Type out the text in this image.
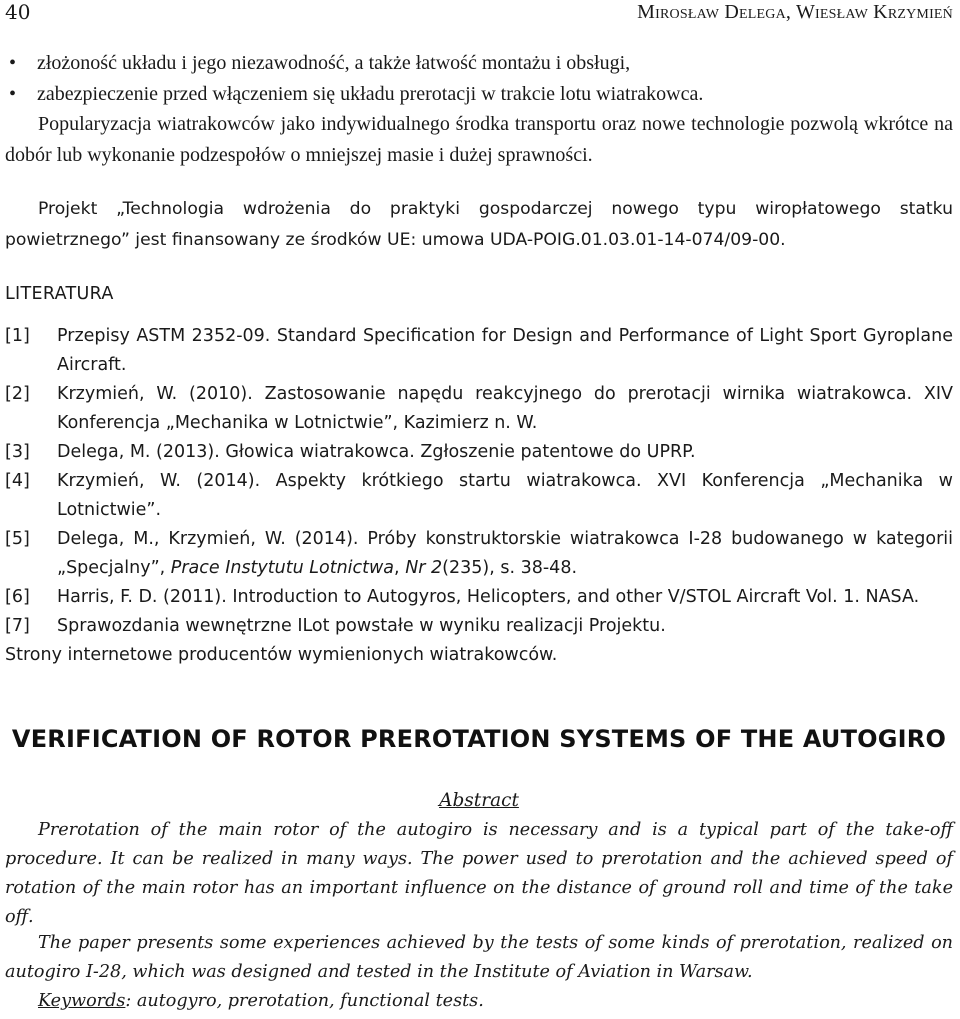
40	Mirosław Delega, Wiesław Krzymień
• złożoność układu i jego niezawodność, a także łatwość montażu i obsługi,
• zabezpieczenie przed włączeniem się układu prerotacji w trakcie lotu wiatrakowca.

Popularyzacja wiatrakowców jako indywidualnego środka transportu oraz nowe technologie pozwolą wkrótce na dobór lub wykonanie podzespołów o mniejszej masie i dużej sprawności.

Projekt „Technologia wdrożenia do praktyki gospodarczej nowego typu wiropłatowego statku powietrznego” jest finansowany ze środków UE: umowa UDA-POIG.01.03.01-14-074/09-00.

LITERATURA
[1] Przepisy ASTM 2352-09. Standard Specification for Design and Performance of Light Sport Gyroplane Aircraft.
[2] Krzymień, W. (2010). Zastosowanie napędu reakcyjnego do prerotacji wirnika wiatrakowca. XIV Konferencja „Mechanika w Lotnictwie”, Kazimierz n. W.
[3] Delega, M. (2013). Głowica wiatrakowca. Zgłoszenie patentowe do UPRP.
[4] Krzymień, W. (2014). Aspekty krótkiego startu wiatrakowca. XVI Konferencja „Mechanika w Lotnictwie”.
[5] Delega, M., Krzymień, W. (2014). Próby konstruktorskie wiatrakowca I-28 budowanego w kategorii „Specjalny”, Prace Instytutu Lotnictwa, Nr 2(235), s. 38-48.
[6] Harris, F. D. (2011). Introduction to Autogyros, Helicopters, and other V/STOL Aircraft Vol. 1. NASA.
[7] Sprawozdania wewnętrzne ILot powstałe w wyniku realizacji Projektu.
Strony internetowe producentów wymienionych wiatrakowców.
VERIFICATION OF ROTOR PREROTATION SYSTEMS OF THE AUTOGIRO
Abstract

Prerotation of the main rotor of the autogiro is necessary and is a typical part of the take-off procedure. It can be realized in many ways. The power used to prerotation and the achieved speed of rotation of the main rotor has an important influence on the distance of ground roll and time of the take off.

The paper presents some experiences achieved by the tests of some kinds of prerotation, realized on autogiro I-28, which was designed and tested in the Institute of Aviation in Warsaw.

Keywords: autogyro, prerotation, functional tests.
